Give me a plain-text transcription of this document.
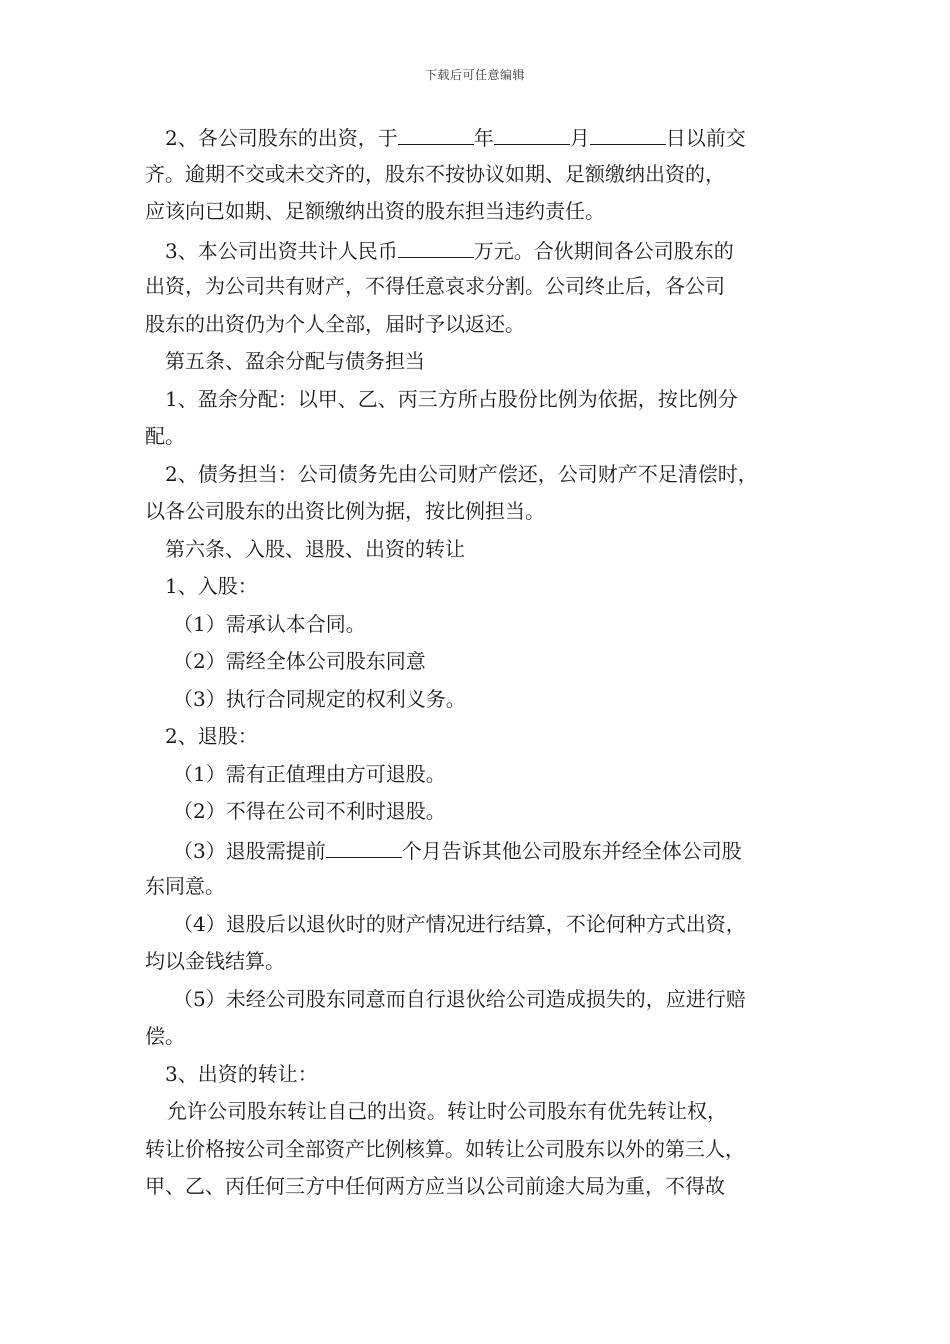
下载后可任意编辑
2、各公司股东的出资，于	年	月	日以前交
齐。逾期不交或未交齐的，股东不按协议如期、足额缴纳出资的，
应该向已如期、足额缴纳出资的股东担当违约责任。
3、本公司出资共计人民币	万元。合伙期间各公司股东的
出资，为公司共有财产，不得任意哀求分割。公司终止后，各公司
股东的出资仍为个人全部，届时予以返还。
第五条、盈余分配与债务担当
1、盈余分配：以甲、乙、丙三方所占股份比例为依据，按比例分
配。
2、债务担当：公司债务先由公司财产偿还，公司财产不足清偿时，
以各公司股东的出资比例为据，按比例担当。
第六条、入股、退股、出资的转让
1、入股：
（1）需承认本合同。
（2）需经全体公司股东同意
（3）执行合同规定的权利义务。
2、退股：
（1）需有正值理由方可退股。
（2）不得在公司不利时退股。
（3）退股需提前	个月告诉其他公司股东并经全体公司股
东同意。
（4）退股后以退伙时的财产情况进行结算，不论何种方式出资，
均以金钱结算。
（5）未经公司股东同意而自行退伙给公司造成损失的，应进行赔
偿。
3、出资的转让：
允许公司股东转让自己的出资。转让时公司股东有优先转让权，
转让价格按公司全部资产比例核算。如转让公司股东以外的第三人，
甲、乙、丙任何三方中任何两方应当以公司前途大局为重，不得故
